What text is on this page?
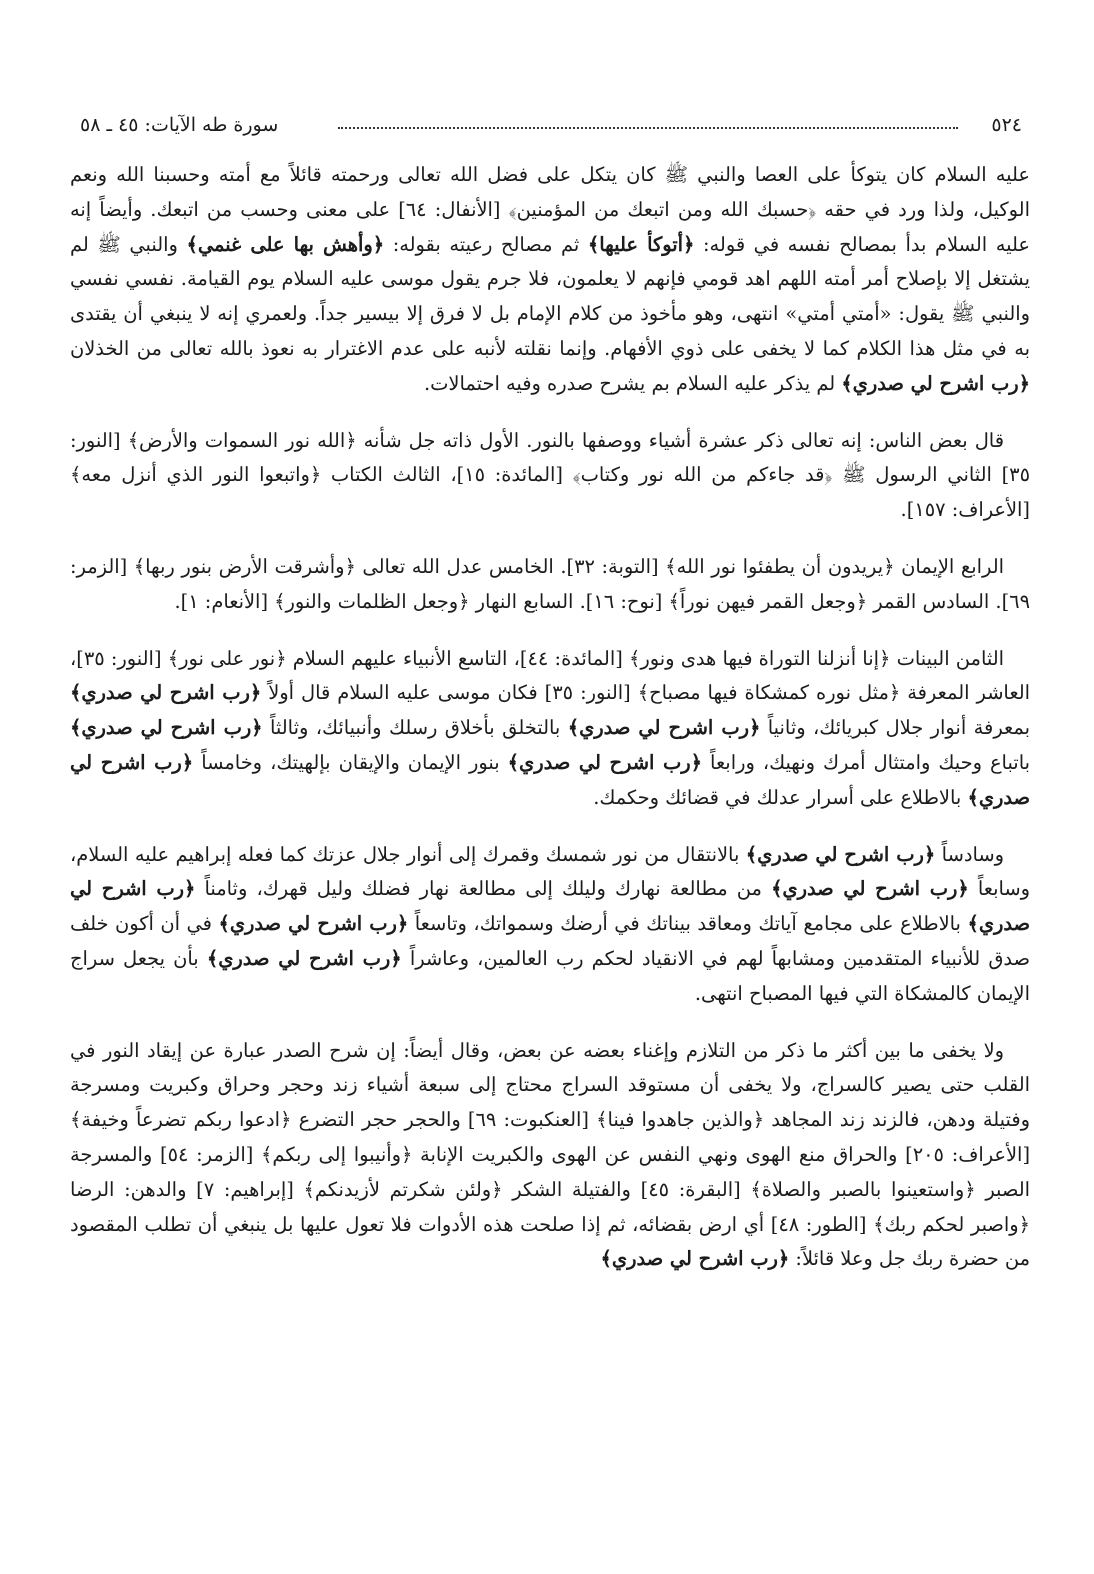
٥٢٤
سورة طه الآيات: ٤٥ ـ ٥٨

عليه السلام كان يتوكأ على العصا والنبي ﷺ كان يتكل على فضل الله تعالى ورحمته قائلاً مع أمته وحسبنا الله ونعم الوكيل، ولذا ورد في حقه ﴿حسبك الله ومن اتبعك من المؤمنين﴾ [الأنفال: ٦٤] على معنى وحسب من اتبعك. وأيضاً إنه عليه السلام بدأ بمصالح نفسه في قوله: ﴿أتوكأ عليها﴾ ثم مصالح رعيته بقوله: ﴿وأهش بها على غنمي﴾ والنبي ﷺ لم يشتغل إلا بإصلاح أمر أمته اللهم اهد قومي فإنهم لا يعلمون، فلا جرم يقول موسى عليه السلام يوم القيامة. نفسي نفسي والنبي ﷺ يقول: «أمتي أمتي» انتهى، وهو مأخوذ من كلام الإمام بل لا فرق إلا بيسير جداً. ولعمري إنه لا ينبغي أن يقتدى به في مثل هذا الكلام كما لا يخفى على ذوي الأفهام. وإنما نقلته لأنبه على عدم الاغترار به نعوذ بالله تعالى من الخذلان ﴿رب اشرح لي صدري﴾ لم يذكر عليه السلام بم يشرح صدره وفيه احتمالات.

قال بعض الناس: إنه تعالى ذكر عشرة أشياء ووصفها بالنور. الأول ذاته جل شأنه ﴿الله نور السموات والأرض﴾ [النور: ٣٥] الثاني الرسول ﷺ ﴿قد جاءكم من الله نور وكتاب﴾ [المائدة: ١٥]، الثالث الكتاب ﴿واتبعوا النور الذي أنزل معه﴾ [الأعراف: ١٥٧].

الرابع الإيمان ﴿يريدون أن يطفئوا نور الله﴾ [التوبة: ٣٢]. الخامس عدل الله تعالى ﴿وأشرقت الأرض بنور ربها﴾ [الزمر: ٦٩]. السادس القمر ﴿وجعل القمر فيهن نوراً﴾ [نوح: ١٦]. السابع النهار ﴿وجعل الظلمات والنور﴾ [الأنعام: ١].

الثامن البينات ﴿إنا أنزلنا التوراة فيها هدى ونور﴾ [المائدة: ٤٤]، التاسع الأنبياء عليهم السلام ﴿نور على نور﴾ [النور: ٣٥]، العاشر المعرفة ﴿مثل نوره كمشكاة فيها مصباح﴾ [النور: ٣٥] فكان موسى عليه السلام قال أولاً ﴿رب اشرح لي صدري﴾ بمعرفة أنوار جلال كبريائك، وثانياً ﴿رب اشرح لي صدري﴾ بالتخلق بأخلاق رسلك وأنبيائك، وثالثاً ﴿رب اشرح لي صدري﴾ باتباع وحيك وامتثال أمرك ونهيك، ورابعاً ﴿رب اشرح لي صدري﴾ بنور الإيمان والإيقان بإلهيتك، وخامساً ﴿رب اشرح لي صدري﴾ بالاطلاع على أسرار عدلك في قضائك وحكمك.

وسادساً ﴿رب اشرح لي صدري﴾ بالانتقال من نور شمسك وقمرك إلى أنوار جلال عزتك كما فعله إبراهيم عليه السلام، وسابعاً ﴿رب اشرح لي صدري﴾ من مطالعة نهارك وليلك إلى مطالعة نهار فضلك وليل قهرك، وثامناً ﴿رب اشرح لي صدري﴾ بالاطلاع على مجامع آياتك ومعاقد بيناتك في أرضك وسمواتك، وتاسعاً ﴿رب اشرح لي صدري﴾ في أن أكون خلف صدق للأنبياء المتقدمين ومشابهاً لهم في الانقياد لحكم رب العالمين، وعاشراً ﴿رب اشرح لي صدري﴾ بأن يجعل سراج الإيمان كالمشكاة التي فيها المصباح انتهى.

ولا يخفى ما بين أكثر ما ذكر من التلازم وإغناء بعضه عن بعض، وقال أيضاً: إن شرح الصدر عبارة عن إيقاد النور في القلب حتى يصير كالسراج، ولا يخفى أن مستوقد السراج محتاج إلى سبعة أشياء زند وحجر وحراق وكبريت ومسرجة وفتيلة ودهن، فالزند زند المجاهد ﴿والذين جاهدوا فينا﴾ [العنكبوت: ٦٩] والحجر حجر التضرع ﴿ادعوا ربكم تضرعاً وخيفة﴾ [الأعراف: ٢٠٥] والحراق منع الهوى ونهي النفس عن الهوى والكبريت الإنابة ﴿وأنيبوا إلى ربكم﴾ [الزمر: ٥٤] والمسرجة الصبر ﴿واستعينوا بالصبر والصلاة﴾ [البقرة: ٤٥] والفتيلة الشكر ﴿ولئن شكرتم لأزيدنكم﴾ [إبراهيم: ٧] والدهن: الرضا ﴿واصبر لحكم ربك﴾ [الطور: ٤٨] أي ارض بقضائه، ثم إذا صلحت هذه الأدوات فلا تعول عليها بل ينبغي أن تطلب المقصود من حضرة ربك جل وعلا قائلاً: ﴿رب اشرح لي صدري﴾
